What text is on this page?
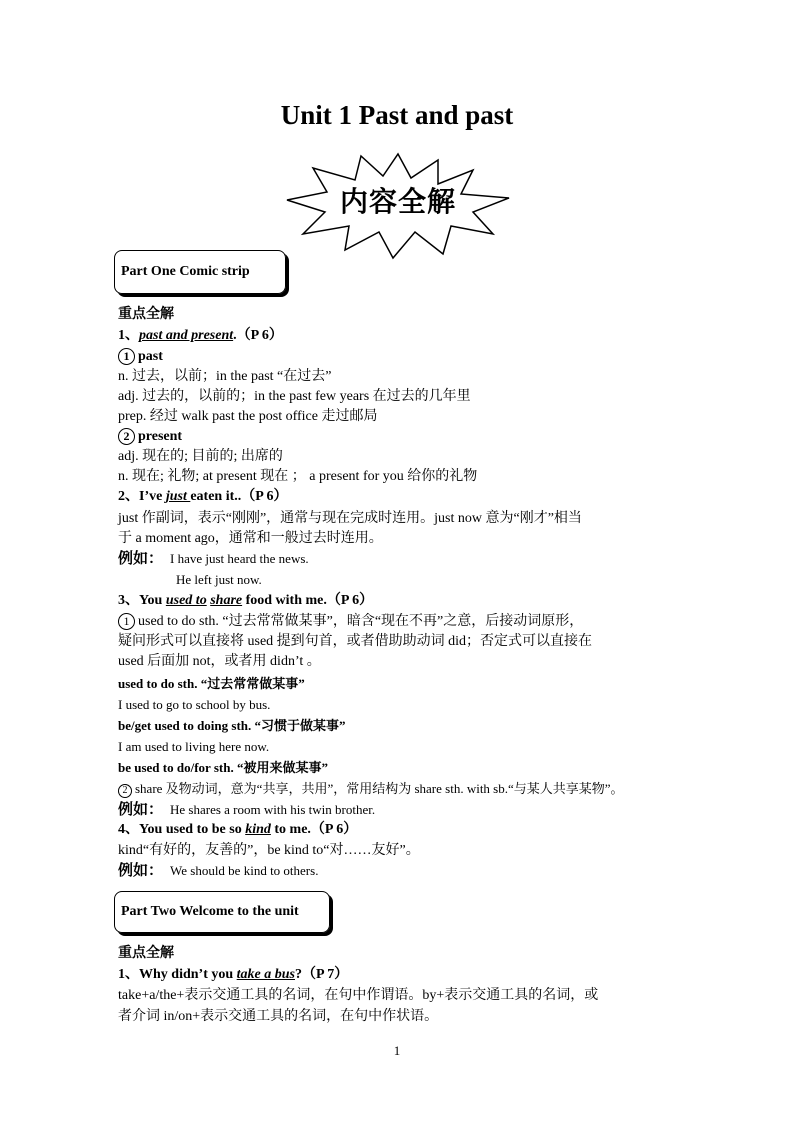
Unit 1 Past and past
内容全解
Part One Comic strip
重点全解
1、past and present.（P 6）
1 past
n. 过去，以前；in the past “在过去”
adj. 过去的，以前的；in the past few years 在过去的几年里
prep. 经过 walk past the post office 走过邮局
2 present
adj. 现在的; 目前的; 出席的
n. 现在; 礼物; at present 现在 ； a present for you 给你的礼物
2、I’ve just eaten it..（P 6）
just 作副词，表示“刚刚”，通常与现在完成时连用。just now 意为“刚才”相当
于 a moment ago，通常和一般过去时连用。
例如： I have just heard the news.
He left just now.
3、You used to share food with me.（P 6）
1 used to do sth. “过去常常做某事”，暗含“现在不再”之意，后接动词原形，
疑问形式可以直接将 used 提到句首，或者借助助动词 did；否定式可以直接在
used 后面加 not，或者用 didn’t 。
used to do sth. “过去常常做某事”
I used to go to school by bus.
be/get used to doing sth. “习惯于做某事”
I am used to living here now.
be used to do/for sth. “被用来做某事”
2 share 及物动词，意为“共享，共用”，常用结构为 share sth. with sb.“与某人共享某物”。
例如： He shares a room with his twin brother.
4、You used to be so kind to me.（P 6）
kind“有好的，友善的”，be kind to“对……友好”。
例如： We should be kind to others.
Part Two Welcome to the unit
重点全解
1、Why didn’t you take a bus?（P 7）
take+a/the+表示交通工具的名词，在句中作谓语。by+表示交通工具的名词，或
者介词 in/on+表示交通工具的名词，在句中作状语。
1
